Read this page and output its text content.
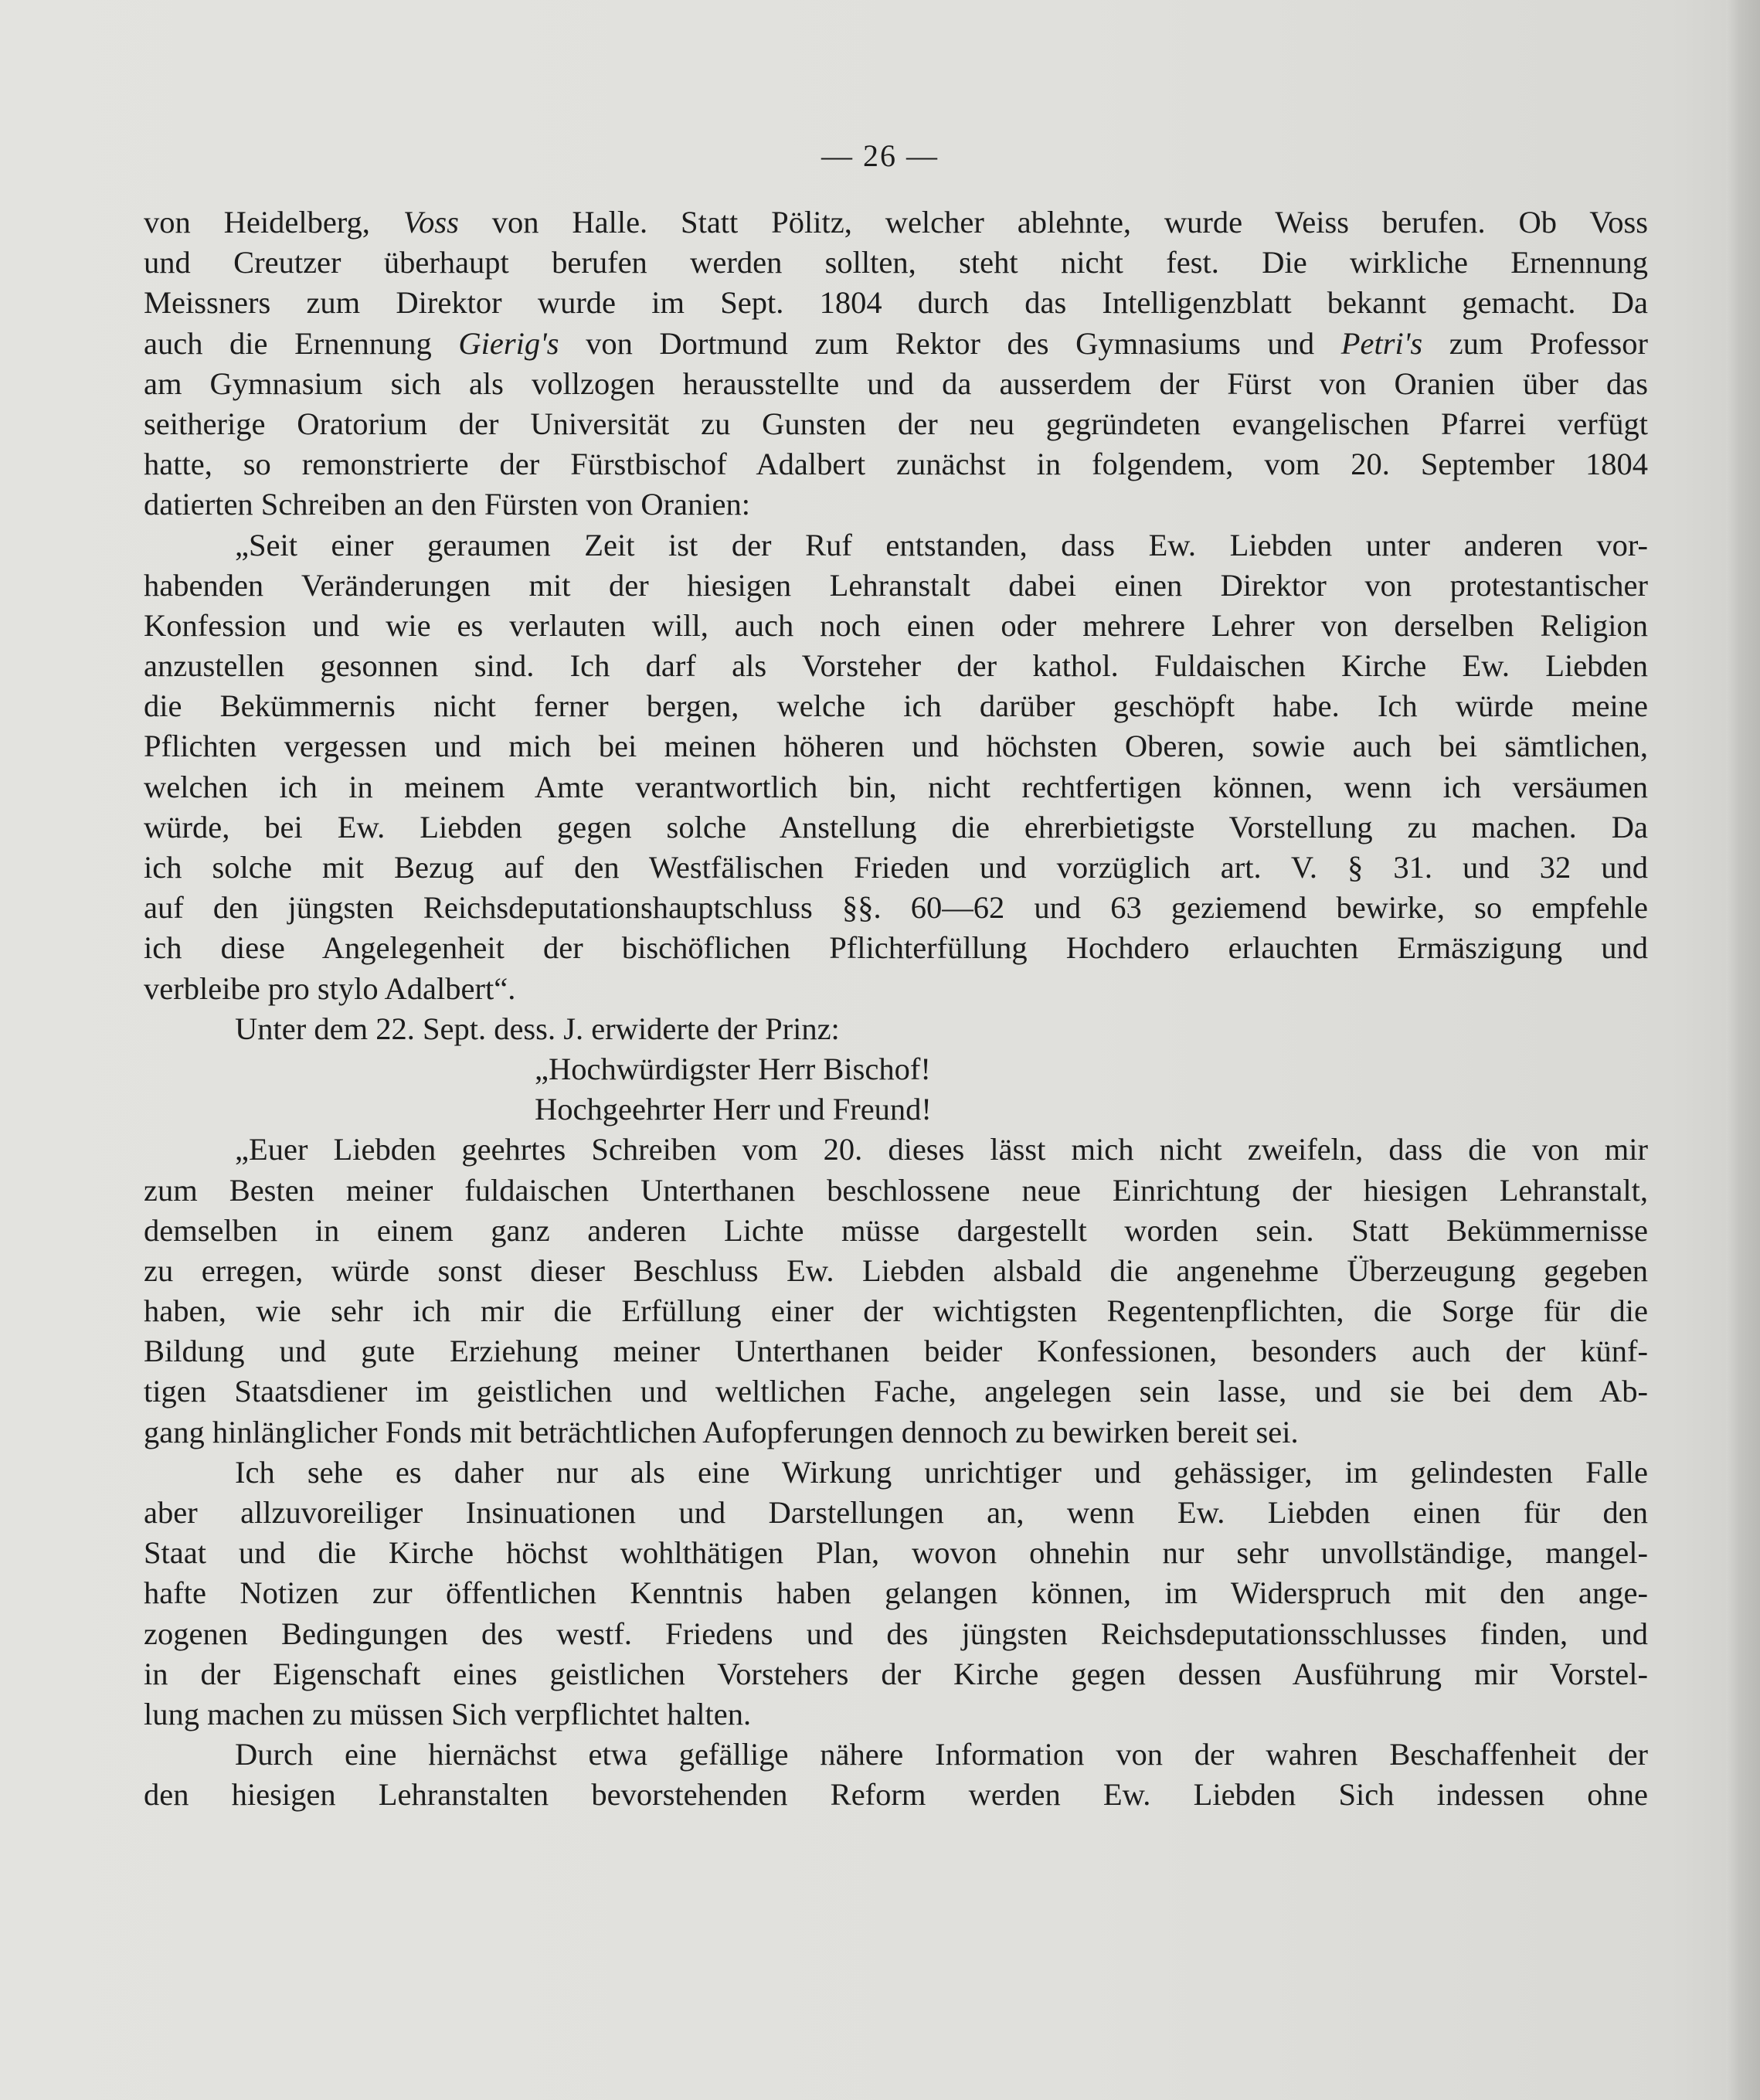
— 26 —
von Heidelberg, Voss von Halle. Statt Pölitz, welcher ablehnte, wurde Weiss berufen. Ob Voss
und Creutzer überhaupt berufen werden sollten, steht nicht fest. Die wirkliche Ernennung
Meissners zum Direktor wurde im Sept. 1804 durch das Intelligenzblatt bekannt gemacht. Da
auch die Ernennung Gierig's von Dortmund zum Rektor des Gymnasiums und Petri's zum Professor
am Gymnasium sich als vollzogen herausstellte und da ausserdem der Fürst von Oranien über das
seitherige Oratorium der Universität zu Gunsten der neu gegründeten evangelischen Pfarrei verfügt
hatte, so remonstrierte der Fürstbischof Adalbert zunächst in folgendem, vom 20. September 1804
datierten Schreiben an den Fürsten von Oranien:
„Seit einer geraumen Zeit ist der Ruf entstanden, dass Ew. Liebden unter anderen vor-
habenden Veränderungen mit der hiesigen Lehranstalt dabei einen Direktor von protestantischer
Konfession und wie es verlauten will, auch noch einen oder mehrere Lehrer von derselben Religion
anzustellen gesonnen sind. Ich darf als Vorsteher der kathol. Fuldaischen Kirche Ew. Liebden
die Bekümmernis nicht ferner bergen, welche ich darüber geschöpft habe. Ich würde meine
Pflichten vergessen und mich bei meinen höheren und höchsten Oberen, sowie auch bei sämtlichen,
welchen ich in meinem Amte verantwortlich bin, nicht rechtfertigen können, wenn ich versäumen
würde, bei Ew. Liebden gegen solche Anstellung die ehrerbietigste Vorstellung zu machen. Da
ich solche mit Bezug auf den Westfälischen Frieden und vorzüglich art. V. § 31. und 32 und
auf den jüngsten Reichsdeputationshauptschluss §§. 60—62 und 63 geziemend bewirke, so empfehle
ich diese Angelegenheit der bischöflichen Pflichterfüllung Hochdero erlauchten Ermäszigung und
verbleibe pro stylo Adalbert“.
Unter dem 22. Sept. dess. J. erwiderte der Prinz:
„Hochwürdigster Herr Bischof!
Hochgeehrter Herr und Freund!
„Euer Liebden geehrtes Schreiben vom 20. dieses lässt mich nicht zweifeln, dass die von mir
zum Besten meiner fuldaischen Unterthanen beschlossene neue Einrichtung der hiesigen Lehranstalt,
demselben in einem ganz anderen Lichte müsse dargestellt worden sein. Statt Bekümmernisse
zu erregen, würde sonst dieser Beschluss Ew. Liebden alsbald die angenehme Überzeugung gegeben
haben, wie sehr ich mir die Erfüllung einer der wichtigsten Regentenpflichten, die Sorge für die
Bildung und gute Erziehung meiner Unterthanen beider Konfessionen, besonders auch der künf-
tigen Staatsdiener im geistlichen und weltlichen Fache, angelegen sein lasse, und sie bei dem Ab-
gang hinlänglicher Fonds mit beträchtlichen Aufopferungen dennoch zu bewirken bereit sei.
Ich sehe es daher nur als eine Wirkung unrichtiger und gehässiger, im gelindesten Falle
aber allzuvoreiliger Insinuationen und Darstellungen an, wenn Ew. Liebden einen für den
Staat und die Kirche höchst wohlthätigen Plan, wovon ohnehin nur sehr unvollständige, mangel-
hafte Notizen zur öffentlichen Kenntnis haben gelangen können, im Widerspruch mit den ange-
zogenen Bedingungen des westf. Friedens und des jüngsten Reichsdeputationsschlusses finden, und
in der Eigenschaft eines geistlichen Vorstehers der Kirche gegen dessen Ausführung mir Vorstel-
lung machen zu müssen Sich verpflichtet halten.
Durch eine hiernächst etwa gefällige nähere Information von der wahren Beschaffenheit der
den hiesigen Lehranstalten bevorstehenden Reform werden Ew. Liebden Sich indessen ohne
